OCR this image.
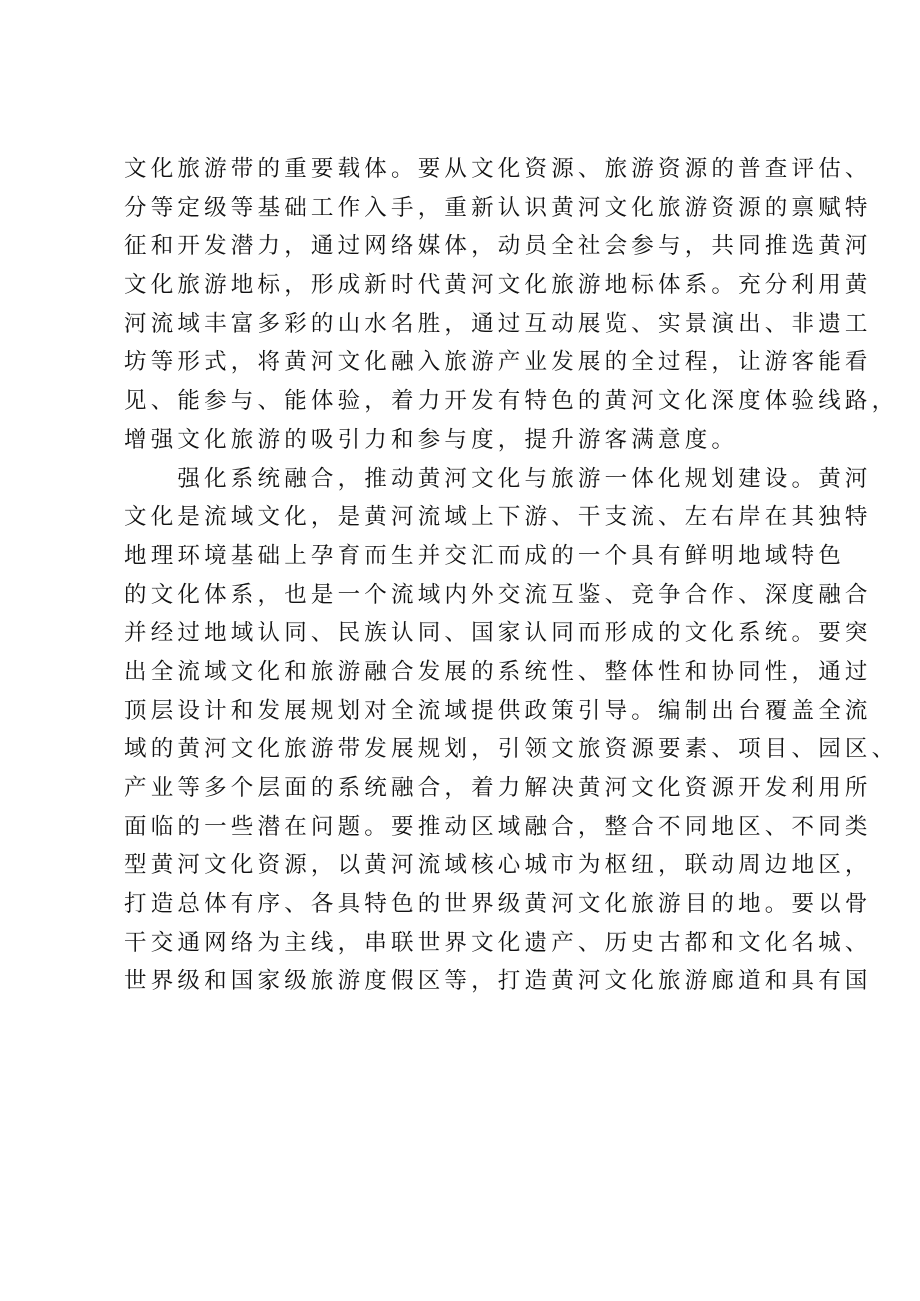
文化旅游带的重要载体。要从文化资源、旅游资源的普查评估、
分等定级等基础工作入手，重新认识黄河文化旅游资源的禀赋特
征和开发潜力，通过网络媒体，动员全社会参与，共同推选黄河
文化旅游地标，形成新时代黄河文化旅游地标体系。充分利用黄
河流域丰富多彩的山水名胜，通过互动展览、实景演出、非遗工
坊等形式，将黄河文化融入旅游产业发展的全过程，让游客能看
见、能参与、能体验，着力开发有特色的黄河文化深度体验线路，
增强文化旅游的吸引力和参与度，提升游客满意度。
　　强化系统融合，推动黄河文化与旅游一体化规划建设。黄河
文化是流域文化，是黄河流域上下游、干支流、左右岸在其独特
地理环境基础上孕育而生并交汇而成的一个具有鲜明地域特色
的文化体系，也是一个流域内外交流互鉴、竞争合作、深度融合
并经过地域认同、民族认同、国家认同而形成的文化系统。要突
出全流域文化和旅游融合发展的系统性、整体性和协同性，通过
顶层设计和发展规划对全流域提供政策引导。编制出台覆盖全流
域的黄河文化旅游带发展规划，引领文旅资源要素、项目、园区、
产业等多个层面的系统融合，着力解决黄河文化资源开发利用所
面临的一些潜在问题。要推动区域融合，整合不同地区、不同类
型黄河文化资源，以黄河流域核心城市为枢纽，联动周边地区，
打造总体有序、各具特色的世界级黄河文化旅游目的地。要以骨
干交通网络为主线，串联世界文化遗产、历史古都和文化名城、
世界级和国家级旅游度假区等，打造黄河文化旅游廊道和具有国
